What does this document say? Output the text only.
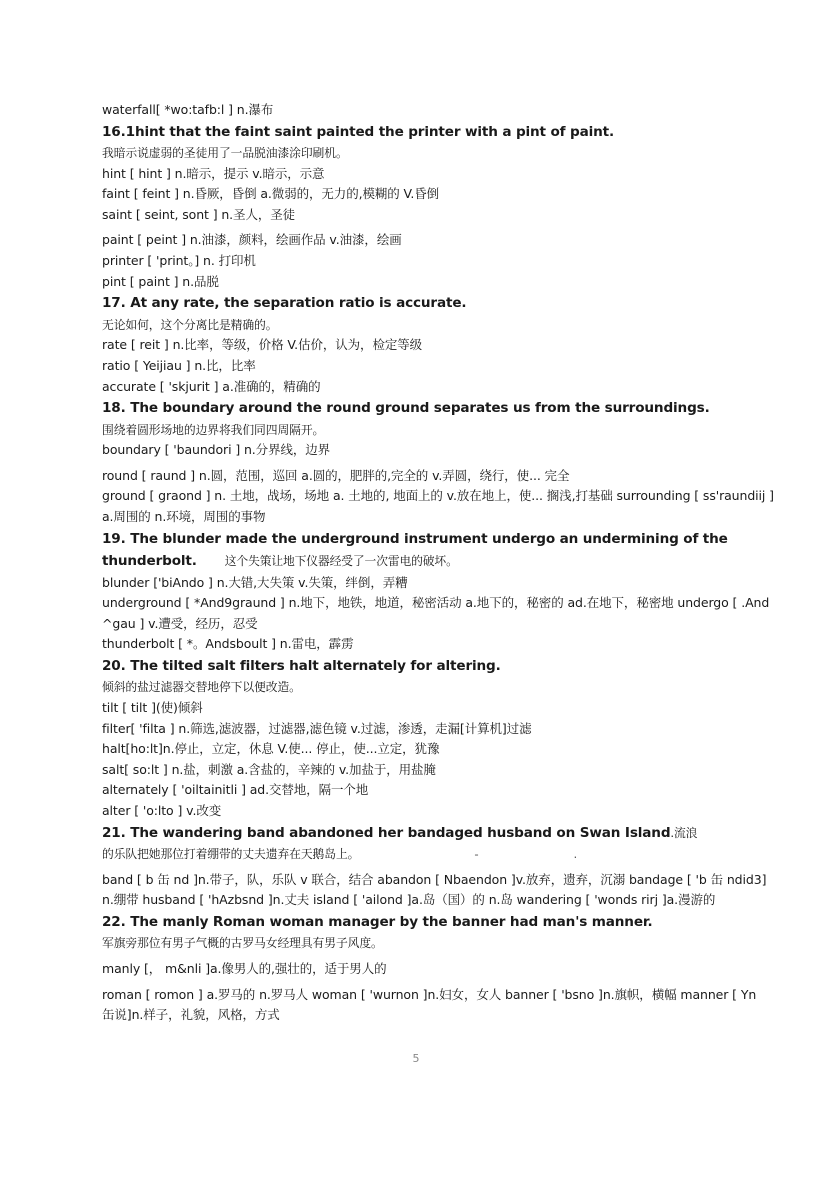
waterfall[ *wo:tafb:l ] n.瀑布
16.1hint that the faint saint painted the printer with a pint of paint.
我暗示说虚弱的圣徒用了一品脱油漆涂印刷机。
hint [ hint ] n.暗示，提示 v.暗示，示意
faint [ feint ] n.昏厥，昏倒 a.微弱的，无力的,模糊的 V.昏倒
saint [ seint, sont ] n.圣人，圣徒
paint [ peint ] n.油漆，颜料，绘画作品 v.油漆，绘画
printer [ 'print。] n. 打印机
pint [ paint ] n.品脱
17. At any rate, the separation ratio is accurate.
无论如何，这个分离比是精确的。
rate [ reit ] n.比率，等级，价格 V.估价，认为，检定等级
ratio [ Yeijiau ] n.比，比率
accurate [ 'skjurit ] a.准确的，精确的
18. The boundary around the round ground separates us from the surroundings.
围绕着圆形场地的边界将我们同四周隔开。
boundary [ 'baundori ] n.分界线，边界
round [ raund ] n.圆，范围，巡回 a.圆的，肥胖的,完全的 v.弄圆，绕行，使... 完全
ground [ graond ] n. 土地，战场，场地 a. 土地的, 地面上的 v.放在地上，使... 搁浅,打基础 surrounding [ ss'raundiij ]
a.周围的 n.环境，周围的事物
19. The blunder made the underground instrument undergo an undermining of the
thunderbolt. 这个失策让地下仪器经受了一次雷电的破坏。
blunder ['biAndo ] n.大错,大失策 v.失策，绊倒，弄糟
underground [ *And9graund ] n.地下，地铁，地道，秘密活动 a.地下的，秘密的 ad.在地下，秘密地 undergo [ .And
^gau ] v.遭受，经历，忍受
thunderbolt [ *。Andsboult ] n.雷电，霹雳
20. The tilted salt filters halt alternately for altering.
倾斜的盐过滤器交替地停下以便改造。
tilt [ tilt ](使)倾斜
filter[ 'filta ] n.筛选,滤波器，过滤器,滤色镜 v.过滤，渗透，走漏[计算机]过滤
halt[ho:lt]n.停止，立定，休息 V.使... 停止，使...立定，犹豫
salt[ so:lt ] n.盐，刺激 a.含盐的，辛辣的 v.加盐于，用盐腌
alternately [ 'oiltainitli ] ad.交替地，隔一个地
alter [ 'o:lto ] v.改变
21. The wandering band abandoned her bandaged husband on Swan Island.流浪
的乐队把她那位打着绷带的丈夫遗弃在天鹅岛上。	-	.
band [ b 缶 nd ]n.带子，队，乐队 v 联合，结合 abandon [ Nbaendon ]v.放弃，遗弃，沉溺 bandage [ 'b 缶 ndid3]
n.绷带 husband [ 'hAzbsnd ]n.丈夫 island [ 'ailond ]a.岛（国）的 n.岛 wandering [ 'wonds rirj ]a.漫游的
22. The manly Roman woman manager by the banner had man's manner.
军旗旁那位有男子气概的古罗马女经理具有男子风度。
manly [， m&nli ]a.像男人的,强壮的，适于男人的
roman [ romon ] a.罗马的 n.罗马人 woman [ 'wurnon ]n.妇女，女人 banner [ 'bsno ]n.旗帜，横幅 manner [ Yn
缶说]n.样子，礼貌，风格，方式
5
